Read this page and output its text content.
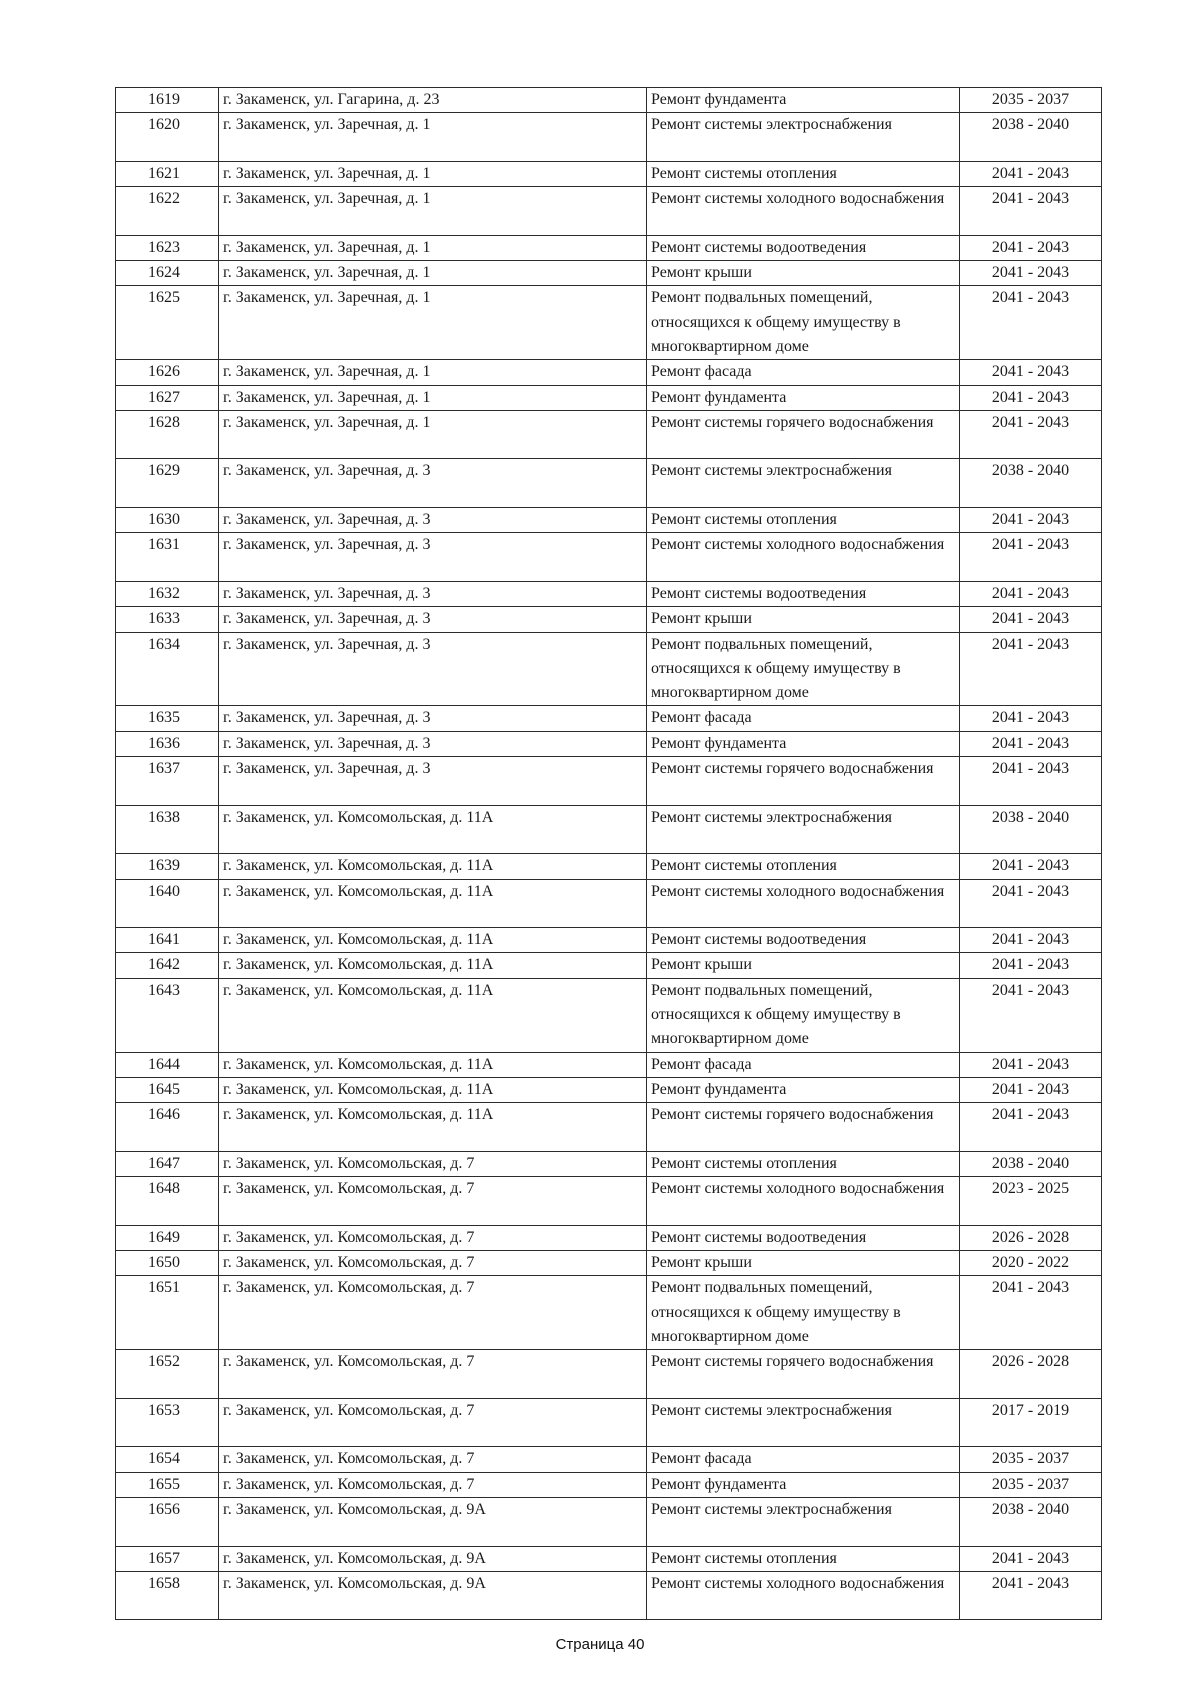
1619	г. Закаменск, ул. Гагарина, д. 23	Ремонт фундамента	2035 - 2037
1620	г. Закаменск, ул. Заречная, д. 1	Ремонт системы электроснабжения	2038 - 2040
1621	г. Закаменск, ул. Заречная, д. 1	Ремонт системы отопления	2041 - 2043
1622	г. Закаменск, ул. Заречная, д. 1	Ремонт системы холодного водоснабжения	2041 - 2043
1623	г. Закаменск, ул. Заречная, д. 1	Ремонт системы водоотведения	2041 - 2043
1624	г. Закаменск, ул. Заречная, д. 1	Ремонт крыши	2041 - 2043
1625	г. Закаменск, ул. Заречная, д. 1	Ремонт подвальных помещений, относящихся к общему имуществу в многоквартирном доме	2041 - 2043
1626	г. Закаменск, ул. Заречная, д. 1	Ремонт фасада	2041 - 2043
1627	г. Закаменск, ул. Заречная, д. 1	Ремонт фундамента	2041 - 2043
1628	г. Закаменск, ул. Заречная, д. 1	Ремонт системы горячего водоснабжения	2041 - 2043
1629	г. Закаменск, ул. Заречная, д. 3	Ремонт системы электроснабжения	2038 - 2040
1630	г. Закаменск, ул. Заречная, д. 3	Ремонт системы отопления	2041 - 2043
1631	г. Закаменск, ул. Заречная, д. 3	Ремонт системы холодного водоснабжения	2041 - 2043
1632	г. Закаменск, ул. Заречная, д. 3	Ремонт системы водоотведения	2041 - 2043
1633	г. Закаменск, ул. Заречная, д. 3	Ремонт крыши	2041 - 2043
1634	г. Закаменск, ул. Заречная, д. 3	Ремонт подвальных помещений, относящихся к общему имуществу в многоквартирном доме	2041 - 2043
1635	г. Закаменск, ул. Заречная, д. 3	Ремонт фасада	2041 - 2043
1636	г. Закаменск, ул. Заречная, д. 3	Ремонт фундамента	2041 - 2043
1637	г. Закаменск, ул. Заречная, д. 3	Ремонт системы горячего водоснабжения	2041 - 2043
1638	г. Закаменск, ул. Комсомольская, д. 11А	Ремонт системы электроснабжения	2038 - 2040
1639	г. Закаменск, ул. Комсомольская, д. 11А	Ремонт системы отопления	2041 - 2043
1640	г. Закаменск, ул. Комсомольская, д. 11А	Ремонт системы холодного водоснабжения	2041 - 2043
1641	г. Закаменск, ул. Комсомольская, д. 11А	Ремонт системы водоотведения	2041 - 2043
1642	г. Закаменск, ул. Комсомольская, д. 11А	Ремонт крыши	2041 - 2043
1643	г. Закаменск, ул. Комсомольская, д. 11А	Ремонт подвальных помещений, относящихся к общему имуществу в многоквартирном доме	2041 - 2043
1644	г. Закаменск, ул. Комсомольская, д. 11А	Ремонт фасада	2041 - 2043
1645	г. Закаменск, ул. Комсомольская, д. 11А	Ремонт фундамента	2041 - 2043
1646	г. Закаменск, ул. Комсомольская, д. 11А	Ремонт системы горячего водоснабжения	2041 - 2043
1647	г. Закаменск, ул. Комсомольская, д. 7	Ремонт системы отопления	2038 - 2040
1648	г. Закаменск, ул. Комсомольская, д. 7	Ремонт системы холодного водоснабжения	2023 - 2025
1649	г. Закаменск, ул. Комсомольская, д. 7	Ремонт системы водоотведения	2026 - 2028
1650	г. Закаменск, ул. Комсомольская, д. 7	Ремонт крыши	2020 - 2022
1651	г. Закаменск, ул. Комсомольская, д. 7	Ремонт подвальных помещений, относящихся к общему имуществу в многоквартирном доме	2041 - 2043
1652	г. Закаменск, ул. Комсомольская, д. 7	Ремонт системы горячего водоснабжения	2026 - 2028
1653	г. Закаменск, ул. Комсомольская, д. 7	Ремонт системы электроснабжения	2017 - 2019
1654	г. Закаменск, ул. Комсомольская, д. 7	Ремонт фасада	2035 - 2037
1655	г. Закаменск, ул. Комсомольская, д. 7	Ремонт фундамента	2035 - 2037
1656	г. Закаменск, ул. Комсомольская, д. 9А	Ремонт системы электроснабжения	2038 - 2040
1657	г. Закаменск, ул. Комсомольская, д. 9А	Ремонт системы отопления	2041 - 2043
1658	г. Закаменск, ул. Комсомольская, д. 9А	Ремонт системы холодного водоснабжения	2041 - 2043
Страница 40
